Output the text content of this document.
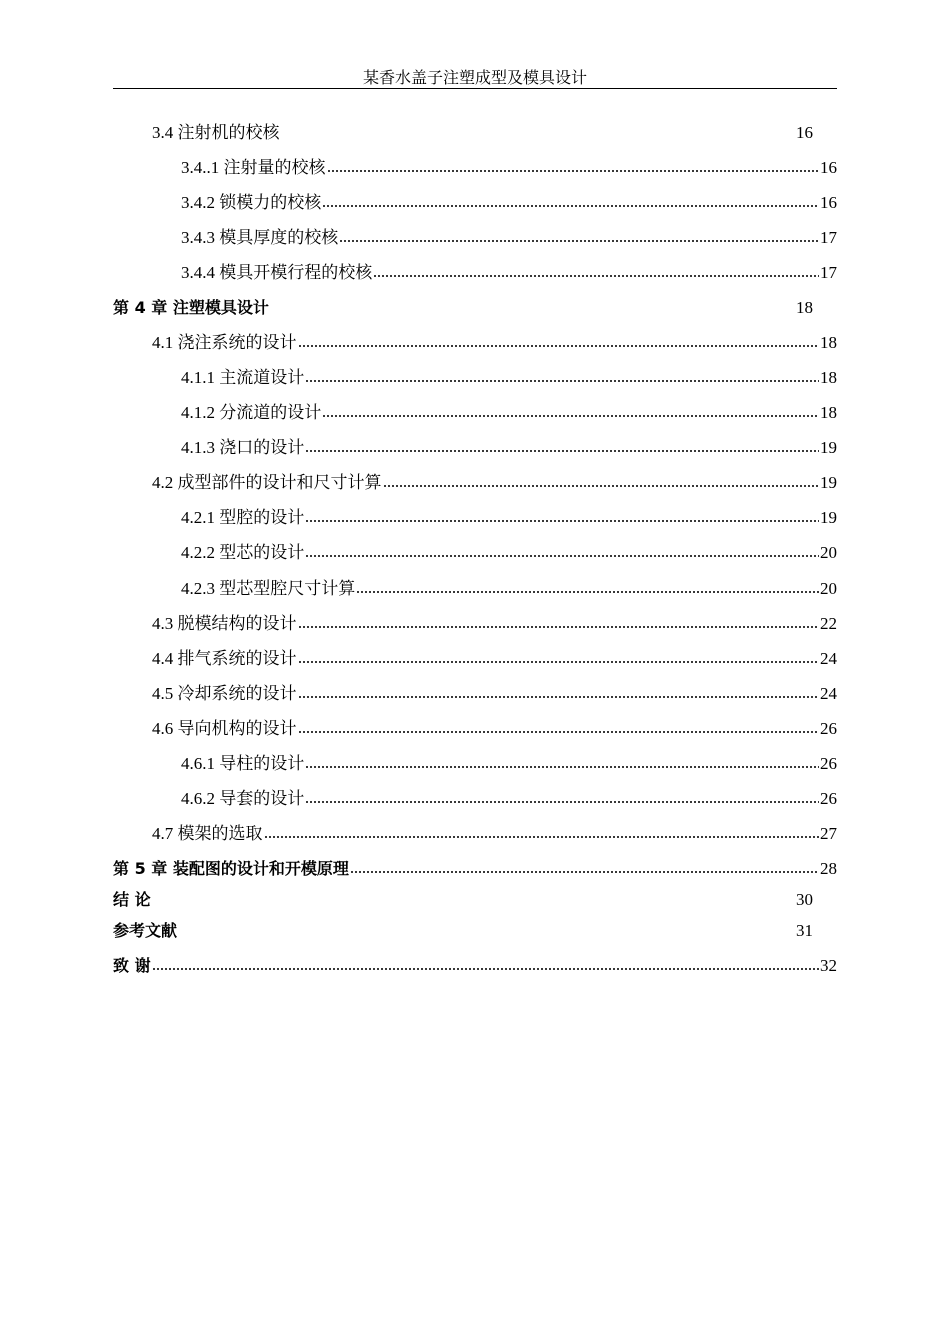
某香水盖子注塑成型及模具设计
3.4 注射机的校核	16
3.4..1 注射量的校核	16
3.4.2 锁模力的校核	16
3.4.3 模具厚度的校核	17
3.4.4 模具开模行程的校核	17
第 4 章 注塑模具设计	18
4.1 浇注系统的设计	18
4.1.1 主流道设计	18
4.1.2 分流道的设计	18
4.1.3 浇口的设计	19
4.2 成型部件的设计和尺寸计算	19
4.2.1 型腔的设计	19
4.2.2 型芯的设计	20
4.2.3 型芯型腔尺寸计算	20
4.3 脱模结构的设计	22
4.4 排气系统的设计	24
4.5 冷却系统的设计	24
4.6 导向机构的设计	26
4.6.1 导柱的设计	26
4.6.2 导套的设计	26
4.7 模架的选取	27
第 5 章 装配图的设计和开模原理	28
结 论	30
参考文献	31
致 谢	32
